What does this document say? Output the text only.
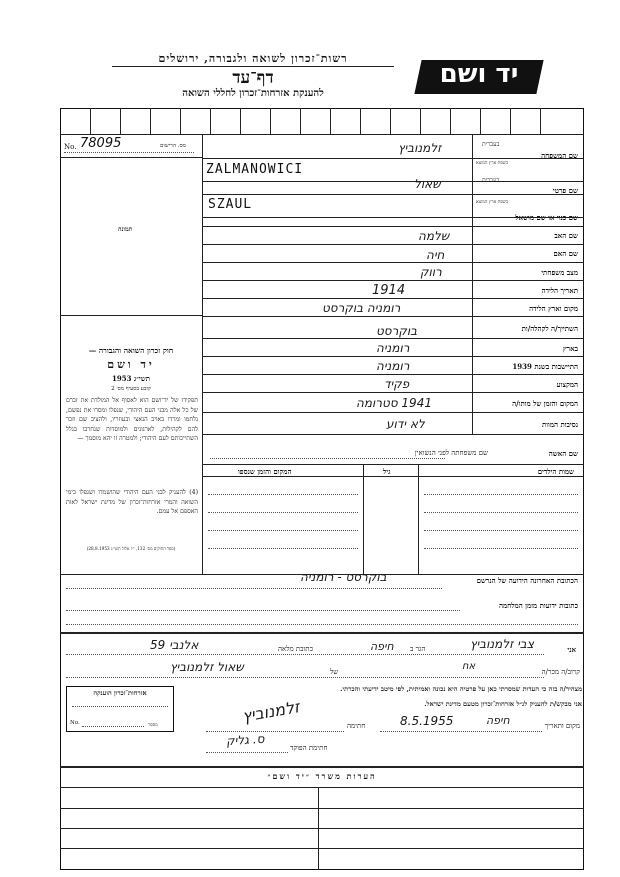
רשות־זכרון לשואה ולגבורה, ירושלים
יד ושם
דף־עד
להענקת אזרחות־זכרון לחללי השואה
No. 78095	מס. הרישום
תמונה
שם המשפחה
בעברית
בשפת ארץ המוצא
זלמנוביץ
ZALMANOWICI
שם פרטי
בעברית
בשפת ארץ המוצא
שאול
SZAUL
שם כנוי או שם מושאל
שם האב
שלמה
שם האם
חיה
מצב משפחתי
רווק
תאריך הלידה
1914
מקום וארץ הלידה
רומניה בוקרסט
השתייך/ה לקהלה/ות
בוקרסט
בארץ
רומניה
התיישבות בשנת 1939
רומניה
המקצוע
פקיד
המקום והזמן של מותו/ה
1941 סטרומה
נסיבות המוות
לא ידוע
שם האשה
שם משפחתה לפני הנשואין
שמות הילדים
גיל
המקום והזמן שנספו
חוק זכרון השואה והגבורה —
יד ושם
תשי״ג 1953
קובע בסעיף מס׳ 2
תפקידו של יד־ושם הוא לאסוף אל המולדת את זכרם של כל אלה מבני העם היהודי, שנפלו ומסרו את נפשם, נלחמו ומרדו באויב הנאצי ובעוזריו, ולהציב שם וזכר להם לקהילות, לארגונים ולמוסדות שנחרבו בגלל השתייכותם לעם היהודי; ולמטרה זו יהא מוסמך —
(4) להעניק לבני העם היהודי שהושמדו ושנפלו בימי השואה והמרי אזרחות־זכרון של מדינת ישראל לאות האספם אל עמם.
(ספר החוקים מס׳ 132, י״ז אלול תשי״ג 28.8.1953)
הכתובת האחרונה הידועה של הנרשם
בוקרסט - רומניה
כתובות ידועות מזמן המלחמה
אני
צבי זלמנוביץ
הגר ב
חיפה
כתובת מלאה
אלנבי 59
קרוב/ה מכר/ה
אח
של
שאול זלמנוביץ
מצהיר/ה בזה כי העדות שמסרתי כאן על פרטיה היא נכונה ואמיתית, לפי מיטב ידיעתי והכרתי.
אני מבקש/ת להעניק לנ״ל אזרחות־זכרון מטעם מדינת ישראל.
מקום ותאריך
חיפה
8.5.1955
חתימה
זלמנוביץ
חתימת הפוקד
ס. גליק
אזרחות־זכרון הוענקה
No.	מספר
הערות משרד ״יד ושם״
